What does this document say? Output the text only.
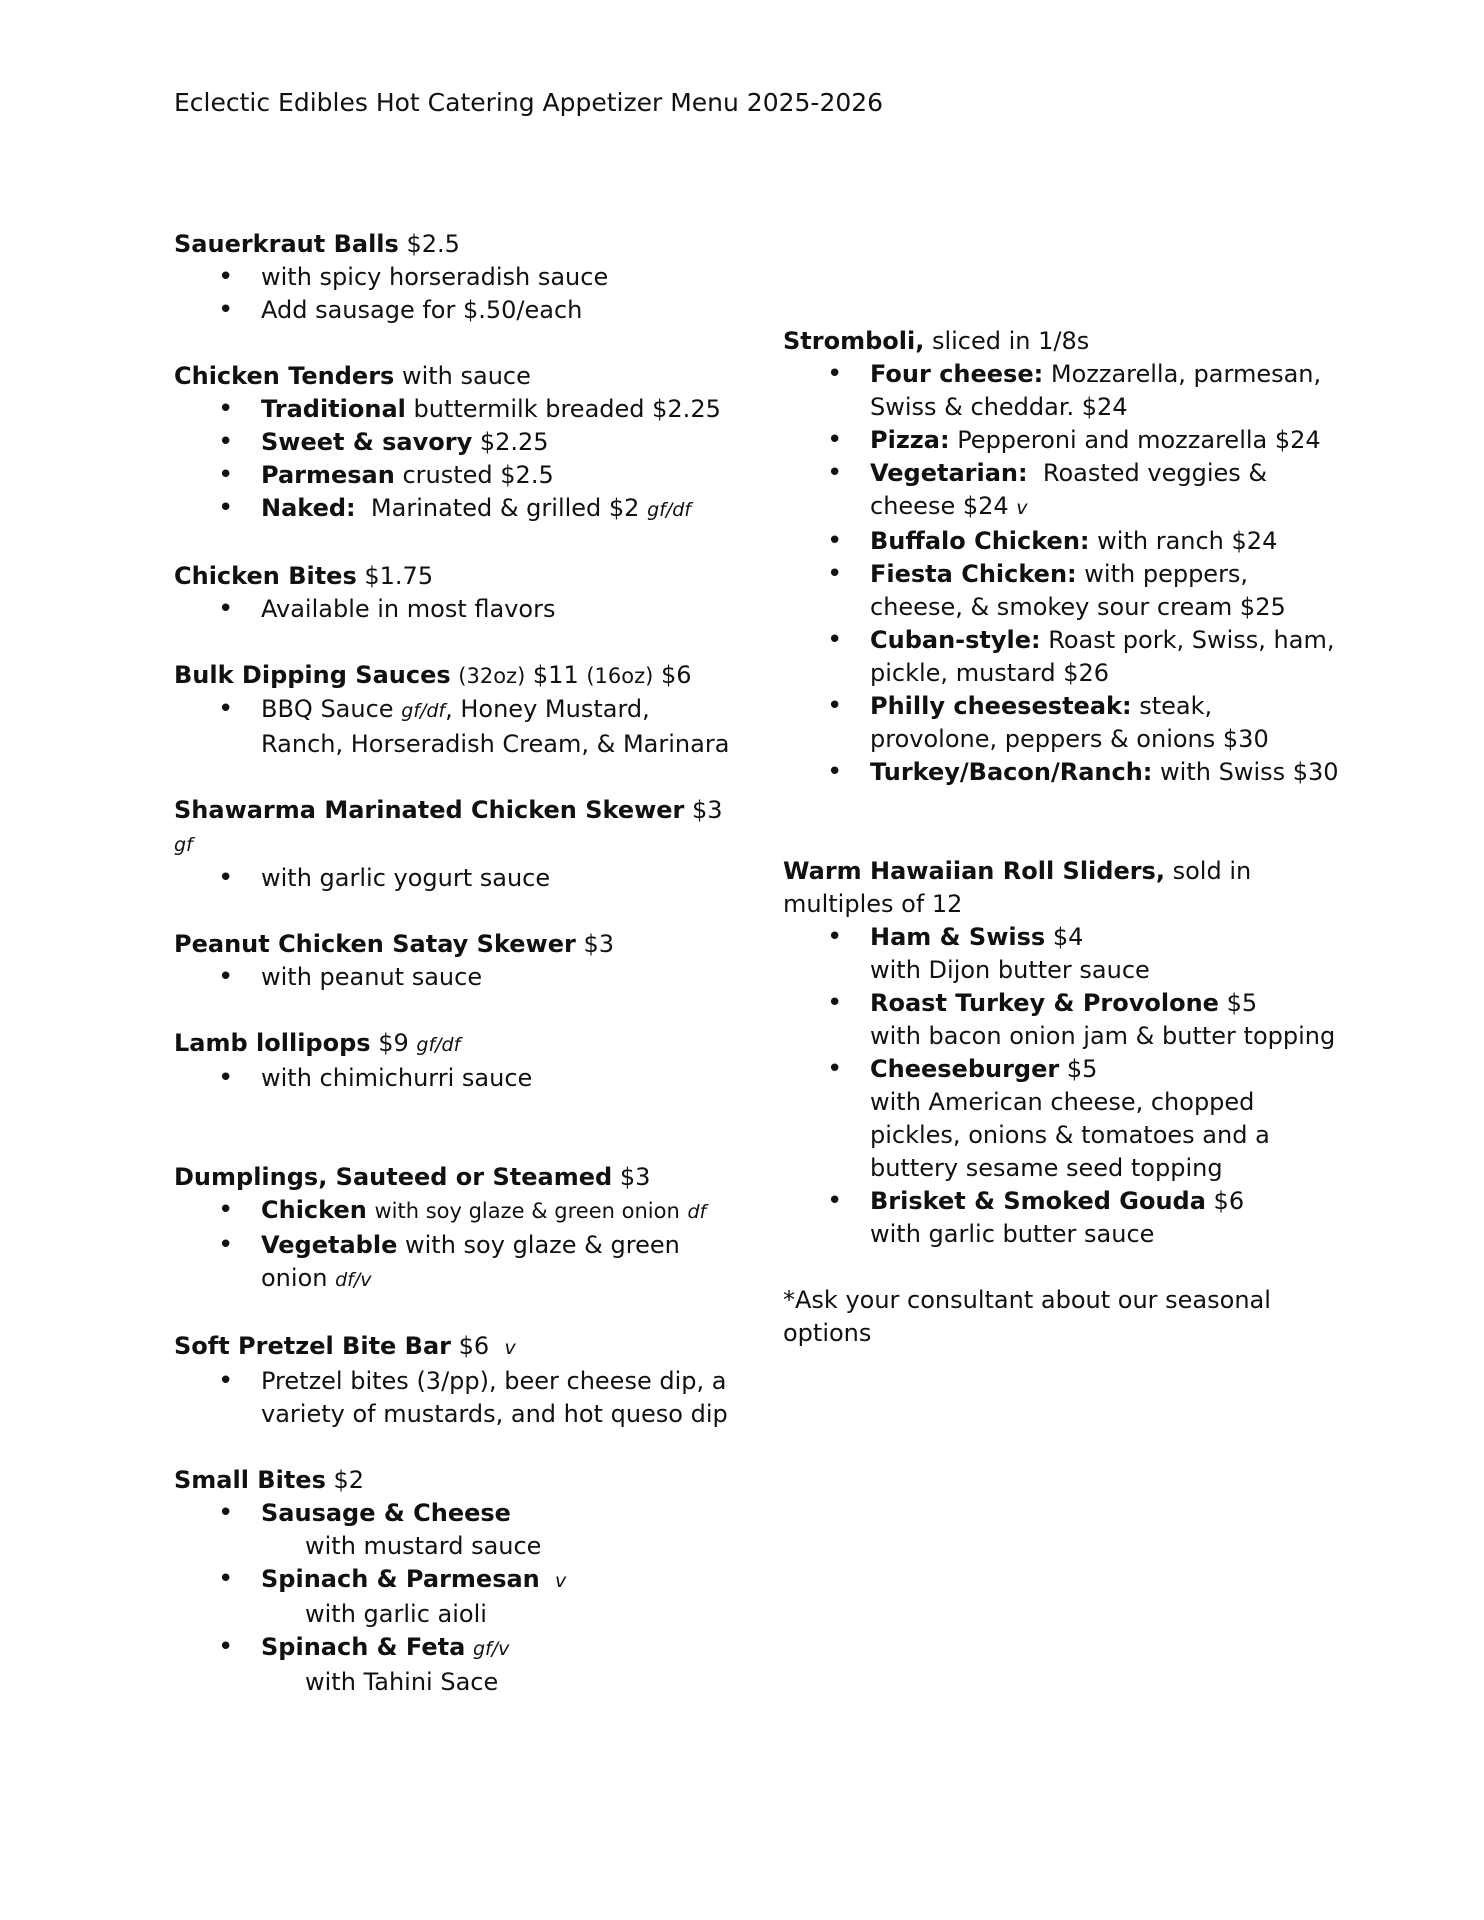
Eclectic Edibles Hot Catering Appetizer Menu 2025-2026

Sauerkraut Balls $2.5

• with spicy horseradish sauce
• Add sausage for $.50/each

Chicken Tenders with sauce

• Traditional buttermilk breaded $2.25
• Sweet & savory $2.25
• Parmesan crusted $2.5
• Naked: Marinated & grilled $2 gf/df

Chicken Bites $1.75

• Available in most flavors

Bulk Dipping Sauces (32oz) $11 (16oz) $6

• BBQ Sauce gf/df, Honey Mustard, Ranch, Horseradish Cream, & Marinara

Shawarma Marinated Chicken Skewer $3 gf

• with garlic yogurt sauce

Peanut Chicken Satay Skewer $3

• with peanut sauce

Lamb lollipops $9 gf/df

• with chimichurri sauce

Dumplings, Sauteed or Steamed $3

• Chicken with soy glaze & green onion df
• Vegetable with soy glaze & green onion df/v

Soft Pretzel Bite Bar $6 v

• Pretzel bites (3/pp), beer cheese dip, a variety of mustards, and hot queso dip

Small Bites $2

• Sausage & Cheese
with mustard sauce
• Spinach & Parmesan v
with garlic aioli
• Spinach & Feta gf/v
with Tahini Sace

Stromboli, sliced in 1/8s

• Four cheese: Mozzarella, parmesan, Swiss & cheddar. $24
• Pizza: Pepperoni and mozzarella $24
• Vegetarian: Roasted veggies & cheese $24 v
• Buffalo Chicken: with ranch $24
• Fiesta Chicken: with peppers, cheese, & smokey sour cream $25
• Cuban-style: Roast pork, Swiss, ham, pickle, mustard $26
• Philly cheesesteak: steak, provolone, peppers & onions $30
• Turkey/Bacon/Ranch: with Swiss $30

Warm Hawaiian Roll Sliders, sold in multiples of 12

• Ham & Swiss $4
with Dijon butter sauce
• Roast Turkey & Provolone $5
with bacon onion jam & butter topping
• Cheeseburger $5
with American cheese, chopped pickles, onions & tomatoes and a buttery sesame seed topping
• Brisket & Smoked Gouda $6
with garlic butter sauce

*Ask your consultant about our seasonal options
